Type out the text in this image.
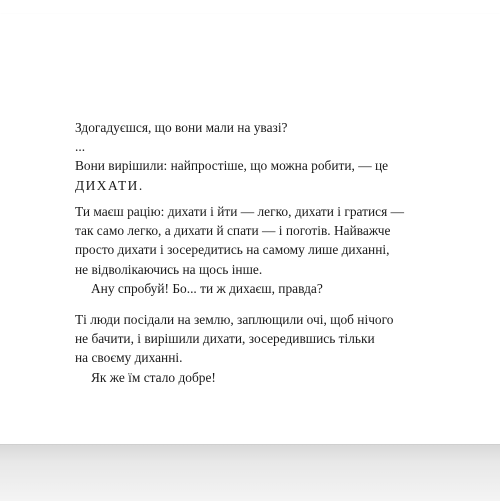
Здогадуєшся, що вони мали на увазі?

...

Вони вирішили: найпростіше, що можна робити, — це

ДИХАТИ.

Ти маєш рацію: дихати і йти — легко, дихати і гратися —

так само легко, а дихати й спати — і поготів. Найважче

просто дихати і зосередитись на самому лише диханні,

не відволікаючись на щось інше.

Ану спробуй! Бо... ти ж дихаєш, правда?

Ті люди посідали на землю, заплющили очі, щоб нічого

не бачити, і вирішили дихати, зосередившись тільки

на своєму диханні.

Як же їм стало добре!
